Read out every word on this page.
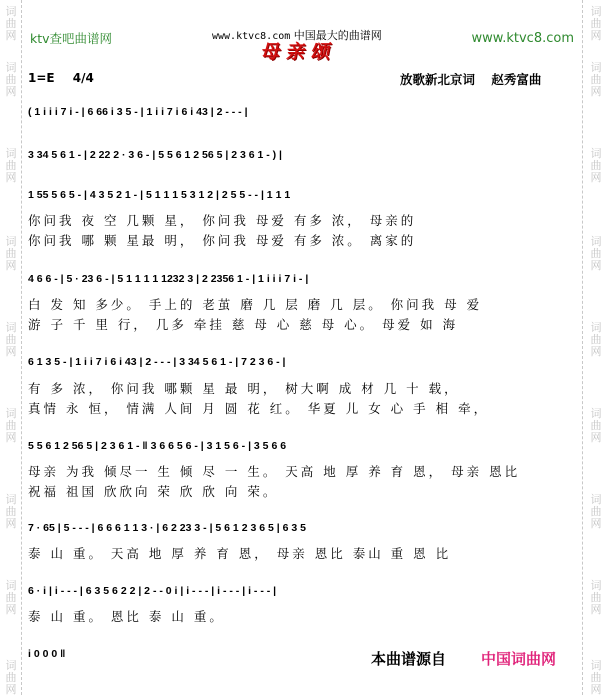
词
曲
网
词
曲
网
词
曲
网
词
曲
网
词
曲
网
词
曲
网
词
曲
网
词
曲
网
词
曲
网
词
曲
网
词
曲
网
词
曲
网
词
曲
网
词
曲
网
词
曲
网
词
曲
网
词
曲
网
词
曲
网
ktv查吧曲谱网	www.ktvc8.com 中国最大的曲谱网	www.ktvc8.com
母亲颂
1=E 4/4	放歌新北京词 赵秀富曲
( 1 i i i 7 i - | 6 66 i 3 5 - | 1 i i 7 i 6 i 43 | 2 - - - |
3 34 5 6 1 - | 2 22 2 · 3 6 - | 5 5 6 1 2 56 5 | 2 3 6 1 - ) |
1 55 5 6 5 - | 4 3 5 2 1 - | 5 1 1 1 5 3 1 2 | 2 5 5 - - | 1 1 1
你问我 夜 空 几颗 星， 你问我 母爱 有多 浓， 母亲的
你问我 哪 颗 星最 明， 你问我 母爱 有多 浓。 离家的
4 6 6 - | 5 · 23 6 - | 5 1 1 1 1 1232 3 | 2 2356 1 - | 1 i i i 7 i - |
白 发 知 多少。 手上的 老茧 磨 几 层 磨 几 层。 你问我 母 爱
游 子 千 里 行， 几多 牵挂 慈 母 心 慈 母 心。 母爱 如 海
6 1 3 5 - | 1 i i 7 i 6 i 43 | 2 - - - | 3 34 5 6 1 - | 7 2 3 6 - |
有 多 浓， 你问我 哪颗 星 最 明， 树大啊 成 材 几 十 载，
真情 永 恒， 情满 人间 月 圆 花 红。 华夏 儿 女 心 手 相 牵，
5 5 6 1 2 56 5 | 2 3 6 1 - ‖ 3 6 6 5 6 - | 3 1 5 6 - | 3 5 6 6
母亲 为我 倾尽一 生 倾 尽 一 生。 天高 地 厚 养 育 恩， 母亲 恩比
祝福 祖国 欣欣向 荣 欣 欣 向 荣。
7 · 65 | 5 - - - | 6 6 6 1 1 3 · | 6 2 23 3 - | 5 6 1 2 3 6 5 | 6 3 5
泰 山 重。 天高 地 厚 养 育 恩， 母亲 恩比 泰山 重 恩 比
6 · i | i - - - | 6 3 5 6 2 2 | 2 - - 0 i | i - - - | i - - - | i - - - |
泰 山 重。 恩比 泰 山 重。
i 0 0 0 ‖	本曲谱源自 中国词曲网
